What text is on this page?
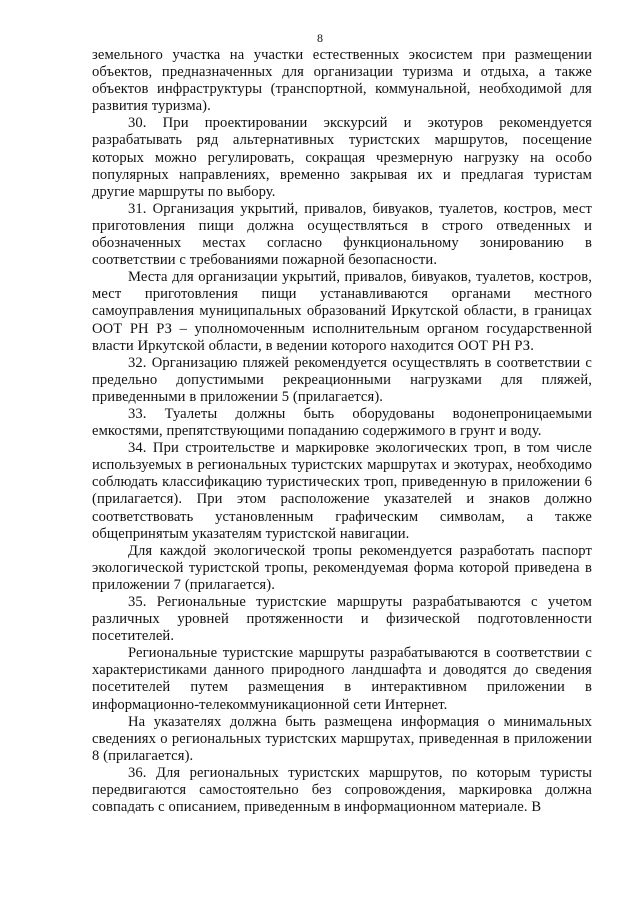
8

земельного участка на участки естественных экосистем при размещении объектов, предназначенных для организации туризма и отдыха, а также объектов инфраструктуры (транспортной, коммунальной, необходимой для развития туризма).

30. При проектировании экскурсий и экотуров рекомендуется разрабатывать ряд альтернативных туристских маршрутов, посещение которых можно регулировать, сокращая чрезмерную нагрузку на особо популярных направлениях, временно закрывая их и предлагая туристам другие маршруты по выбору.

31. Организация укрытий, привалов, бивуаков, туалетов, костров, мест приготовления пищи должна осуществляться в строго отведенных и обозначенных местах согласно функциональному зонированию в соответствии с требованиями пожарной безопасности.

Места для организации укрытий, привалов, бивуаков, туалетов, костров, мест приготовления пищи устанавливаются органами местного самоуправления муниципальных образований Иркутской области, в границах ООТ РН РЗ – уполномоченным исполнительным органом государственной власти Иркутской области, в ведении которого находится ООТ РН РЗ.

32. Организацию пляжей рекомендуется осуществлять в соответствии с предельно допустимыми рекреационными нагрузками для пляжей, приведенными в приложении 5 (прилагается).

33. Туалеты должны быть оборудованы водонепроницаемыми емкостями, препятствующими попаданию содержимого в грунт и воду.

34. При строительстве и маркировке экологических троп, в том числе используемых в региональных туристских маршрутах и экотурах, необходимо соблюдать классификацию туристических троп, приведенную в приложении 6 (прилагается). При этом расположение указателей и знаков должно соответствовать установленным графическим символам, а также общепринятым указателям туристской навигации.

Для каждой экологической тропы рекомендуется разработать паспорт экологической туристской тропы, рекомендуемая форма которой приведена в приложении 7 (прилагается).

35. Региональные туристские маршруты разрабатываются с учетом различных уровней протяженности и физической подготовленности посетителей.

Региональные туристские маршруты разрабатываются в соответствии с характеристиками данного природного ландшафта и доводятся до сведения посетителей путем размещения в интерактивном приложении в информационно-телекоммуникационной сети Интернет.

На указателях должна быть размещена информация о минимальных сведениях о региональных туристских маршрутах, приведенная в приложении 8 (прилагается).

36. Для региональных туристских маршрутов, по которым туристы передвигаются самостоятельно без сопровождения, маркировка должна совпадать с описанием, приведенным в информационном материале. В
